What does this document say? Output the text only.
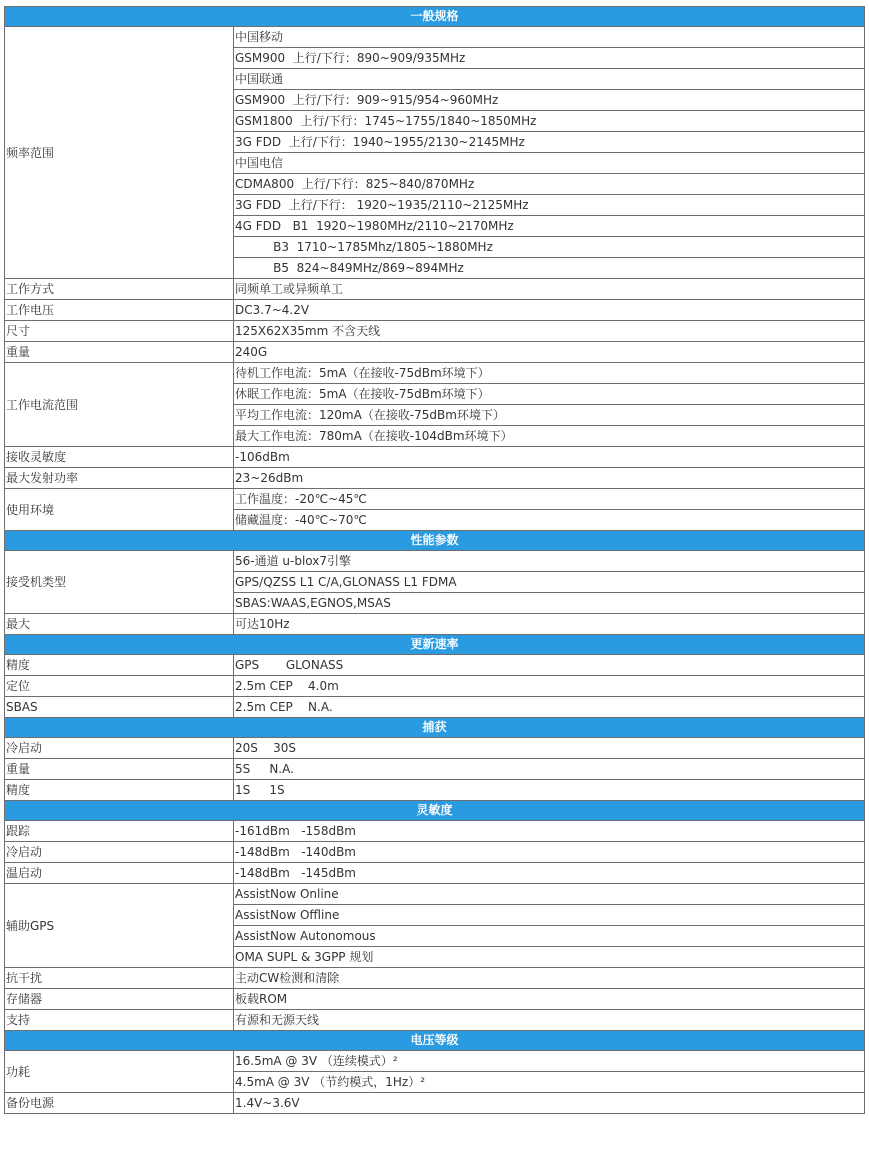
一般规格	
频率范围	中国移动
	GSM900  上行/下行：890~909/935MHz
	中国联通
	GSM900  上行/下行：909~915/954~960MHz
	GSM1800  上行/下行：1745~1755/1840~1850MHz
	3G FDD  上行/下行：1940~1955/2130~2145MHz
	中国电信
	CDMA800  上行/下行：825~840/870MHz
	3G FDD  上行/下行： 1920~1935/2110~2125MHz
	4G FDD   B1  1920~1980MHz/2110~2170MHz
	B3  1710~1785Mhz/1805~1880MHz
	B5  824~849MHz/869~894MHz
工作方式	同频单工或异频单工
工作电压	DC3.7~4.2V
尺寸	125X62X35mm 不含天线
重量	240G
工作电流范围	待机工作电流：5mA（在接收-75dBm环境下）
	休眠工作电流：5mA（在接收-75dBm环境下）
	平均工作电流：120mA（在接收-75dBm环境下）
	最大工作电流：780mA（在接收-104dBm环境下）
接收灵敏度	-106dBm
最大发射功率	23~26dBm
使用环境	工作温度：-20℃~45℃
	储藏温度：-40℃~70℃
性能参数	
接受机类型	56-通道 u-blox7引擎
	GPS/QZSS L1 C/A,GLONASS L1 FDMA
	SBAS:WAAS,EGNOS,MSAS
最大	可达10Hz
更新速率	
精度	GPS       GLONASS
定位	2.5m CEP    4.0m
SBAS	2.5m CEP    N.A.
捕获	
冷启动	20S    30S
重量	5S     N.A.
精度	1S     1S
灵敏度	
跟踪	-161dBm   -158dBm
冷启动	-148dBm   -140dBm
温启动	-148dBm   -145dBm
辅助GPS	AssistNow Online
	AssistNow Offline
	AssistNow Autonomous
	OMA SUPL & 3GPP 规划
抗干扰	主动CW检测和清除
存储器	板载ROM
支持	有源和无源天线
电压等级	
功耗	16.5mA @ 3V （连续模式）²
	4.5mA @ 3V （节约模式，1Hz）²
备份电源	1.4V~3.6V
